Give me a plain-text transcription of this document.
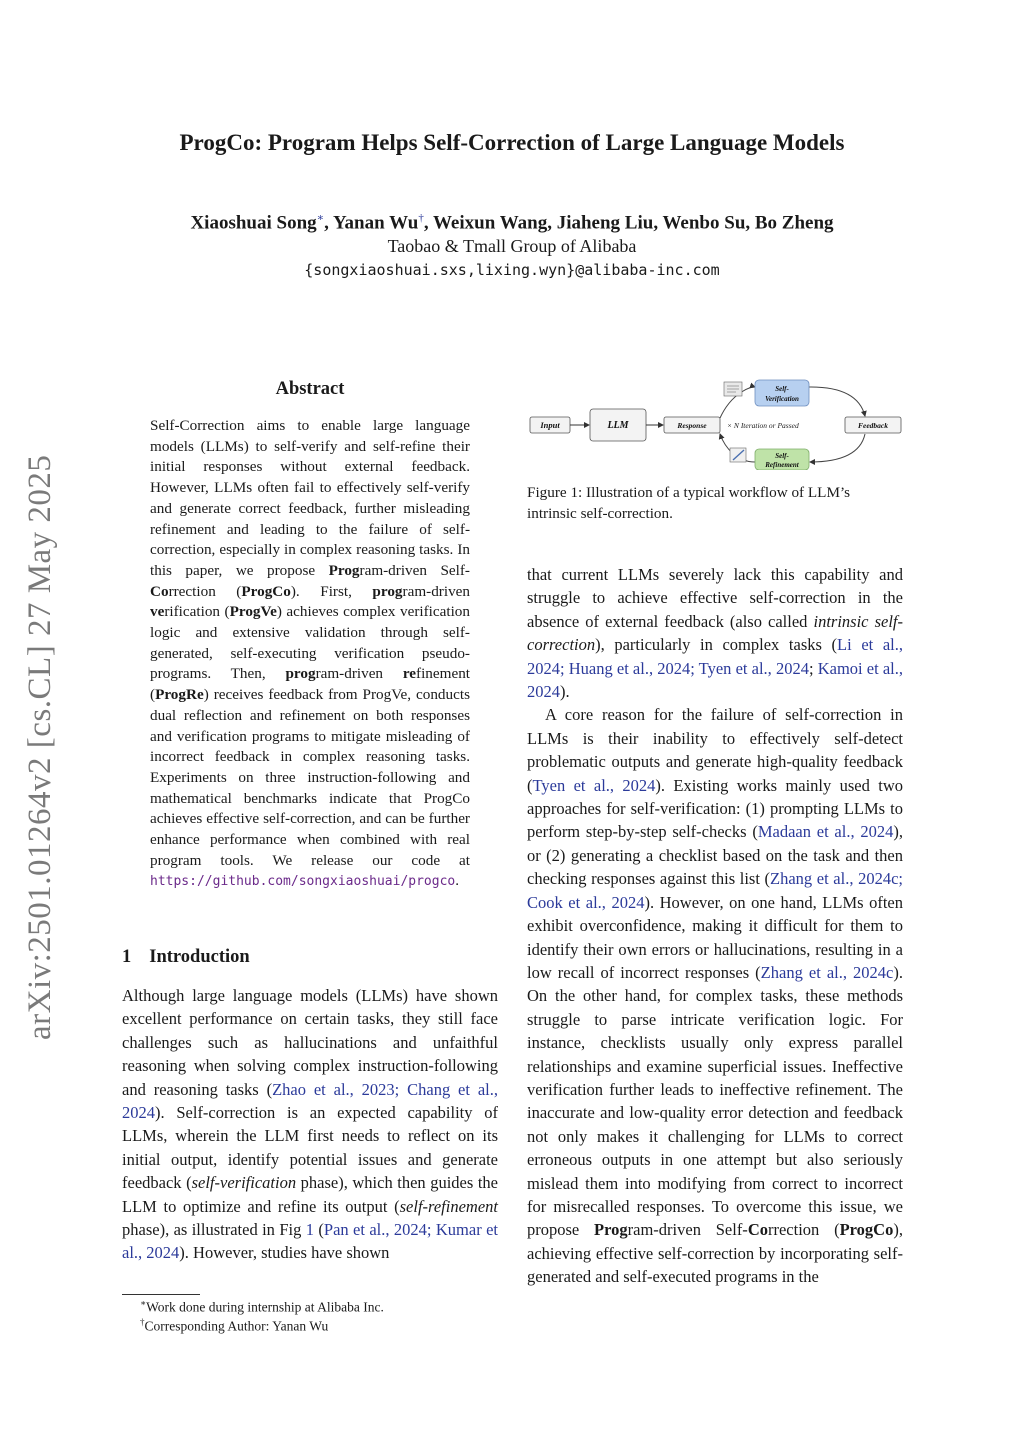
arXiv:2501.01264v2 [cs.CL] 27 May 2025
ProgCo: Program Helps Self-Correction of Large Language Models
Xiaoshuai Song∗, Yanan Wu†, Weixun Wang, Jiaheng Liu, Wenbo Su, Bo Zheng
Taobao & Tmall Group of Alibaba
{songxiaoshuai.sxs,lixing.wyn}@alibaba-inc.com
Abstract
Self-Correction aims to enable large language models (LLMs) to self-verify and self-refine their initial responses without external feedback. However, LLMs often fail to effectively self-verify and generate correct feedback, further misleading refinement and leading to the failure of self-correction, especially in complex reasoning tasks. In this paper, we propose Program-driven Self-Correction (ProgCo). First, program-driven verification (ProgVe) achieves complex verification logic and extensive validation through self-generated, self-executing verification pseudo-programs. Then, program-driven refinement (ProgRe) receives feedback from ProgVe, conducts dual reflection and refinement on both responses and verification programs to mitigate misleading of incorrect feedback in complex reasoning tasks. Experiments on three instruction-following and mathematical benchmarks indicate that ProgCo achieves effective self-correction, and can be further enhance performance when combined with real program tools. We release our code at https://github.com/songxiaoshuai/progco.
1 Introduction

Although large language models (LLMs) have shown excellent performance on certain tasks, they still face challenges such as hallucinations and unfaithful reasoning when solving complex instruction-following and reasoning tasks (Zhao et al., 2023; Chang et al., 2024). Self-correction is an expected capability of LLMs, wherein the LLM first needs to reflect on its initial output, identify potential issues and generate feedback (self-verification phase), which then guides the LLM to optimize and refine its output (self-refinement phase), as illustrated in Fig 1 (Pan et al., 2024; Kumar et al., 2024). However, studies have shown

∗Work done during internship at Alibaba Inc.
†Corresponding Author: Yanan Wu
Input	LLM	Response	× N Iteration or Passed
Self-
Verification
Self-
Refinement
Feedback
Figure 1: Illustration of a typical workflow of LLM’s intrinsic self-correction.

that current LLMs severely lack this capability and struggle to achieve effective self-correction in the absence of external feedback (also called intrinsic self-correction), particularly in complex tasks (Li et al., 2024; Huang et al., 2024; Tyen et al., 2024; Kamoi et al., 2024).

A core reason for the failure of self-correction in LLMs is their inability to effectively self-detect problematic outputs and generate high-quality feedback (Tyen et al., 2024). Existing works mainly used two approaches for self-verification: (1) prompting LLMs to perform step-by-step self-checks (Madaan et al., 2024), or (2) generating a checklist based on the task and then checking responses against this list (Zhang et al., 2024c; Cook et al., 2024). However, on one hand, LLMs often exhibit overconfidence, making it difficult for them to identify their own errors or hallucinations, resulting in a low recall of incorrect responses (Zhang et al., 2024c). On the other hand, for complex tasks, these methods struggle to parse intricate verification logic. For instance, checklists usually only express parallel relationships and examine superficial issues. Ineffective verification further leads to ineffective refinement. The inaccurate and low-quality error detection and feedback not only makes it challenging for LLMs to correct erroneous outputs in one attempt but also seriously mislead them into modifying from correct to incorrect for misrecalled responses. To overcome this issue, we propose Program-driven Self-Correction (ProgCo), achieving effective self-correction by incorporating self-generated and self-executed programs in the
